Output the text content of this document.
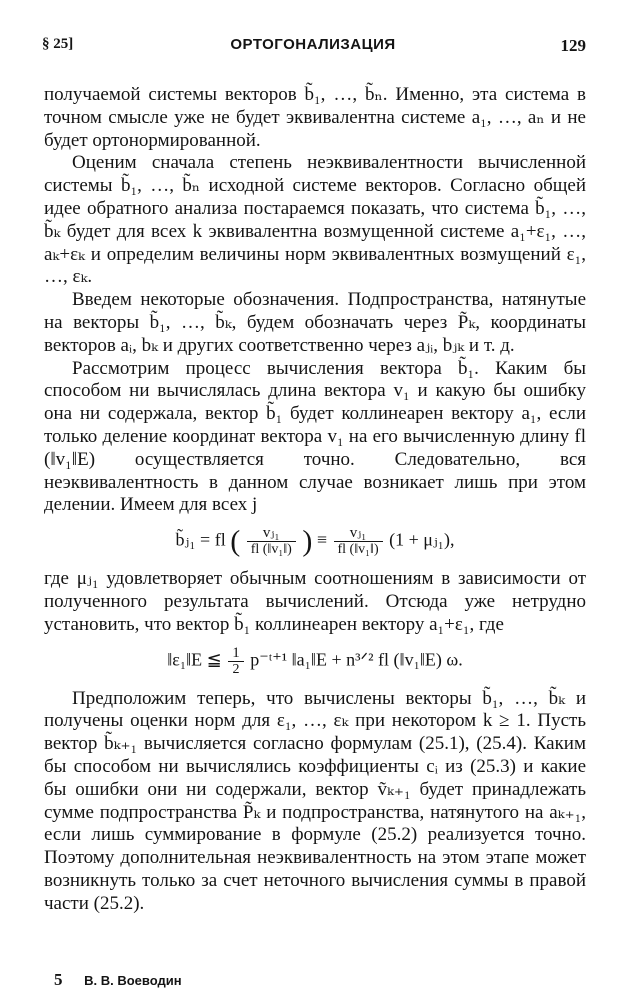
§ 25]	ОРТОГОНАЛИЗАЦИЯ	129

получаемой системы векторов b̃₁, …, b̃ₙ. Именно, эта система в точном смысле уже не будет эквивалентна системе a₁, …, aₙ и не будет ортонормированной.

Оценим сначала степень неэквивалентности вычисленной системы b̃₁, …, b̃ₙ исходной системе векторов. Согласно общей идее обратного анализа постараемся показать, что система b̃₁, …, b̃ₖ будет для всех k эквивалентна возмущенной системе a₁+ε₁, …, aₖ+εₖ и определим величины норм эквивалентных возмущений ε₁, …, εₖ.

Введем некоторые обозначения. Подпространства, натянутые на векторы b̃₁, …, b̃ₖ, будем обозначать через P̃ₖ, координаты векторов aᵢ, bₖ и других соответственно через aⱼᵢ, bⱼₖ и т. д.

Рассмотрим процесс вычисления вектора b̃₁. Каким бы способом ни вычислялась длина вектора v₁ и какую бы ошибку она ни содержала, вектор b̃₁ будет коллинеарен вектору a₁, если только деление координат вектора v₁ на его вычисленную длину fl (‖v₁‖E) осуществляется точно. Следовательно, вся неэквивалентность в данном случае возникает лишь при этом делении. Имеем для всех j

b̃ⱼ₁ = fl ( $\frac{\text{vⱼ₁}}{\text{fl (‖v₁‖)}}$ ) ≡ $\frac{\text{vⱼ₁}}{\text{fl (‖v₁‖)}} (1$ + μⱼ₁),

где μⱼ₁ удовлетворяет обычным соотношениям в зависимости от полученного результата вычислений. Отсюда уже нетрудно установить, что вектор b̃₁ коллинеарен вектору a₁+ε₁, где

‖ε₁‖E ≦ $\frac{1}{2}$ p⁻ᵗ⁺¹ ‖a₁‖E + n³ᐟ² fl (‖v₁‖E) ω.

Предположим теперь, что вычислены векторы b̃₁, …, b̃ₖ и получены оценки норм для ε₁, …, εₖ при некотором k ≥ 1. Пусть вектор b̃ₖ₊₁ вычисляется согласно формулам (25.1), (25.4). Каким бы способом ни вычислялись коэффициенты cᵢ из (25.3) и какие бы ошибки они ни содержали, вектор ṽₖ₊₁ будет принадлежать сумме подпространства P̃ₖ и подпространства, натянутого на aₖ₊₁, если лишь суммирование в формуле (25.2) реализуется точно. Поэтому дополнительная неэквивалентность на этом этапе может возникнуть только за счет неточного вычисления суммы в правой части (25.2).

5 В. В. Воеводин
